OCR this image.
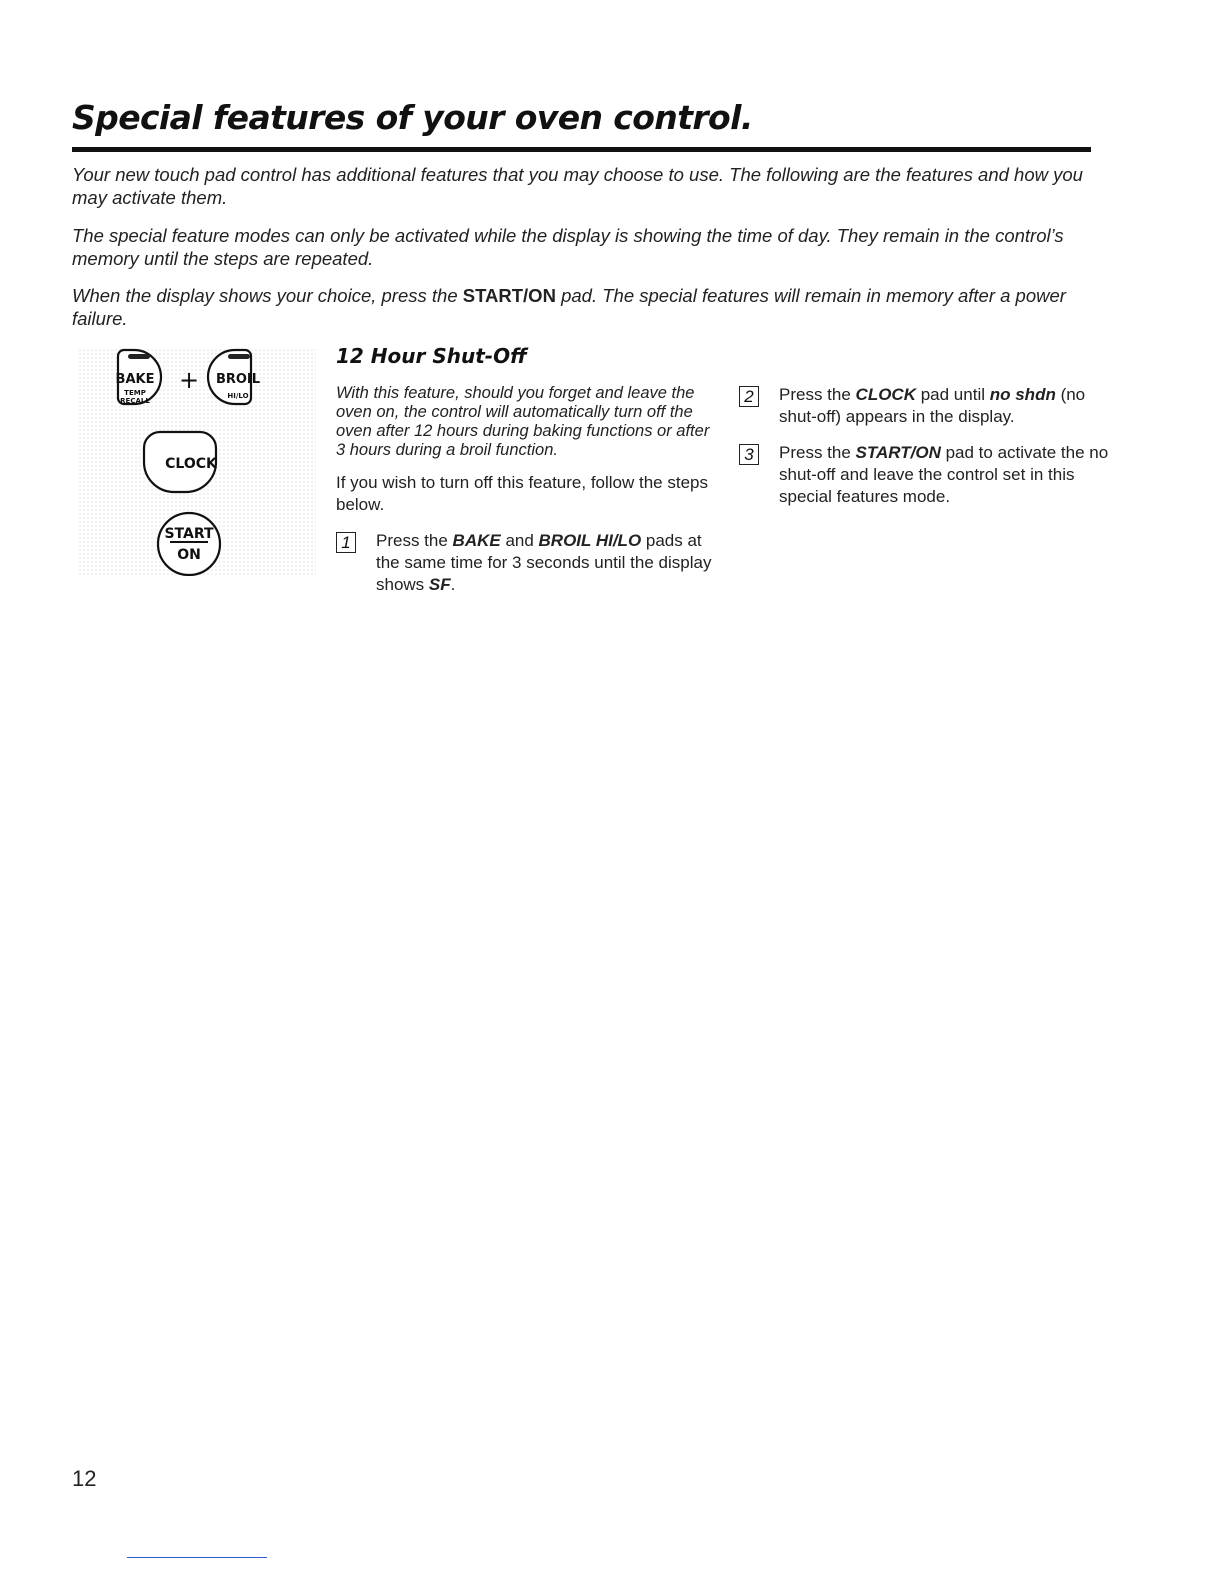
Special features of your oven control.

Your new touch pad control has additional features that you may choose to use. The following are the features and how you may activate them.

The special feature modes can only be activated while the display is showing the time of day. They remain in the control’s memory until the steps are repeated.

When the display shows your choice, press the START/ON pad. The special features will remain in memory after a power failure.

BAKE
TEMP
RECALL
+ BROIL
HI/LO
CLOCK
START
ON
12 Hour Shut-Off

With this feature, should you forget and leave the oven on, the control will automatically turn off the oven after 12 hours during baking functions or after 3 hours during a broil function.

If you wish to turn off this feature, follow the steps below.

1	Press the BAKE and BROIL HI/LO pads at the same time for 3 seconds until the display shows SF.
2	Press the CLOCK pad until no shdn (no shut-off) appears in the display.
3	Press the START/ON pad to activate the no shut-off and leave the control set in this special features mode.
12
